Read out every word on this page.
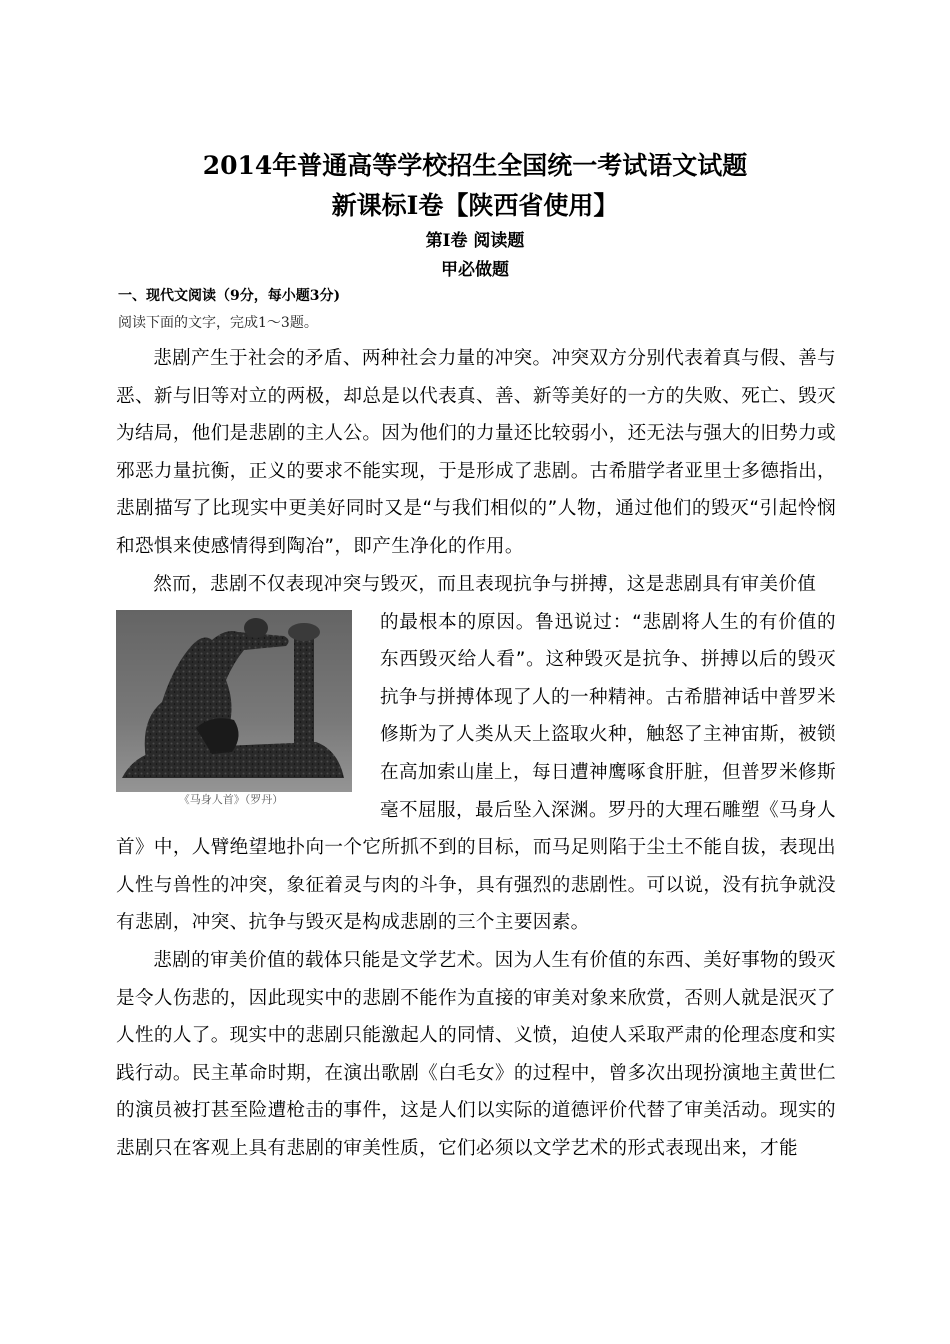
2014年普通高等学校招生全国统一考试语文试题
新课标Ⅰ卷【陕西省使用】
第Ⅰ卷 阅读题
甲必做题

一、现代文阅读（9分，每小题3分)

阅读下面的文字，完成1～3题。

悲剧产生于社会的矛盾、两种社会力量的冲突。冲突双方分别代表着真与假、善与恶、新与旧等对立的两极，却总是以代表真、善、新等美好的一方的失败、死亡、毁灭为结局，他们是悲剧的主人公。因为他们的力量还比较弱小，还无法与强大的旧势力或邪恶力量抗衡，正义的要求不能实现，于是形成了悲剧。古希腊学者亚里士多德指出，悲剧描写了比现实中更美好同时又是“与我们相似的”人物，通过他们的毁灭“引起怜悯和恐惧来使感情得到陶冶”，即产生净化的作用。

然而，悲剧不仅表现冲突与毁灭，而且表现抗争与拼搏，这是悲剧具有审美价值

《马身人首》（罗丹）
的最根本的原因。鲁迅说过：“悲剧将人生的有价值的东西毁灭给人看”。这种毁灭是抗争、拼搏以后的毁灭抗争与拼搏体现了人的一种精神。古希腊神话中普罗米修斯为了人类从天上盗取火种，触怒了主神宙斯，被锁在高加索山崖上，每日遭神鹰啄食肝脏，但普罗米修斯毫不屈服，最后坠入深渊。罗丹的大理石雕塑《马身人首》中，人臂绝望地扑向一个它所抓不到的目标，而马足则陷于尘土不能自拔，表现出人性与兽性的冲突，象征着灵与肉的斗争，具有强烈的悲剧性。可以说，没有抗争就没有悲剧，冲突、抗争与毁灭是构成悲剧的三个主要因素。

悲剧的审美价值的载体只能是文学艺术。因为人生有价值的东西、美好事物的毁灭是令人伤悲的，因此现实中的悲剧不能作为直接的审美对象来欣赏，否则人就是泯灭了人性的人了。现实中的悲剧只能激起人的同情、义愤，迫使人采取严肃的伦理态度和实践行动。民主革命时期，在演出歌剧《白毛女》的过程中，曾多次出现扮演地主黄世仁的演员被打甚至险遭枪击的事件，这是人们以实际的道德评价代替了审美活动。现实的悲剧只在客观上具有悲剧的审美性质，它们必须以文学艺术的形式表现出来，才能
